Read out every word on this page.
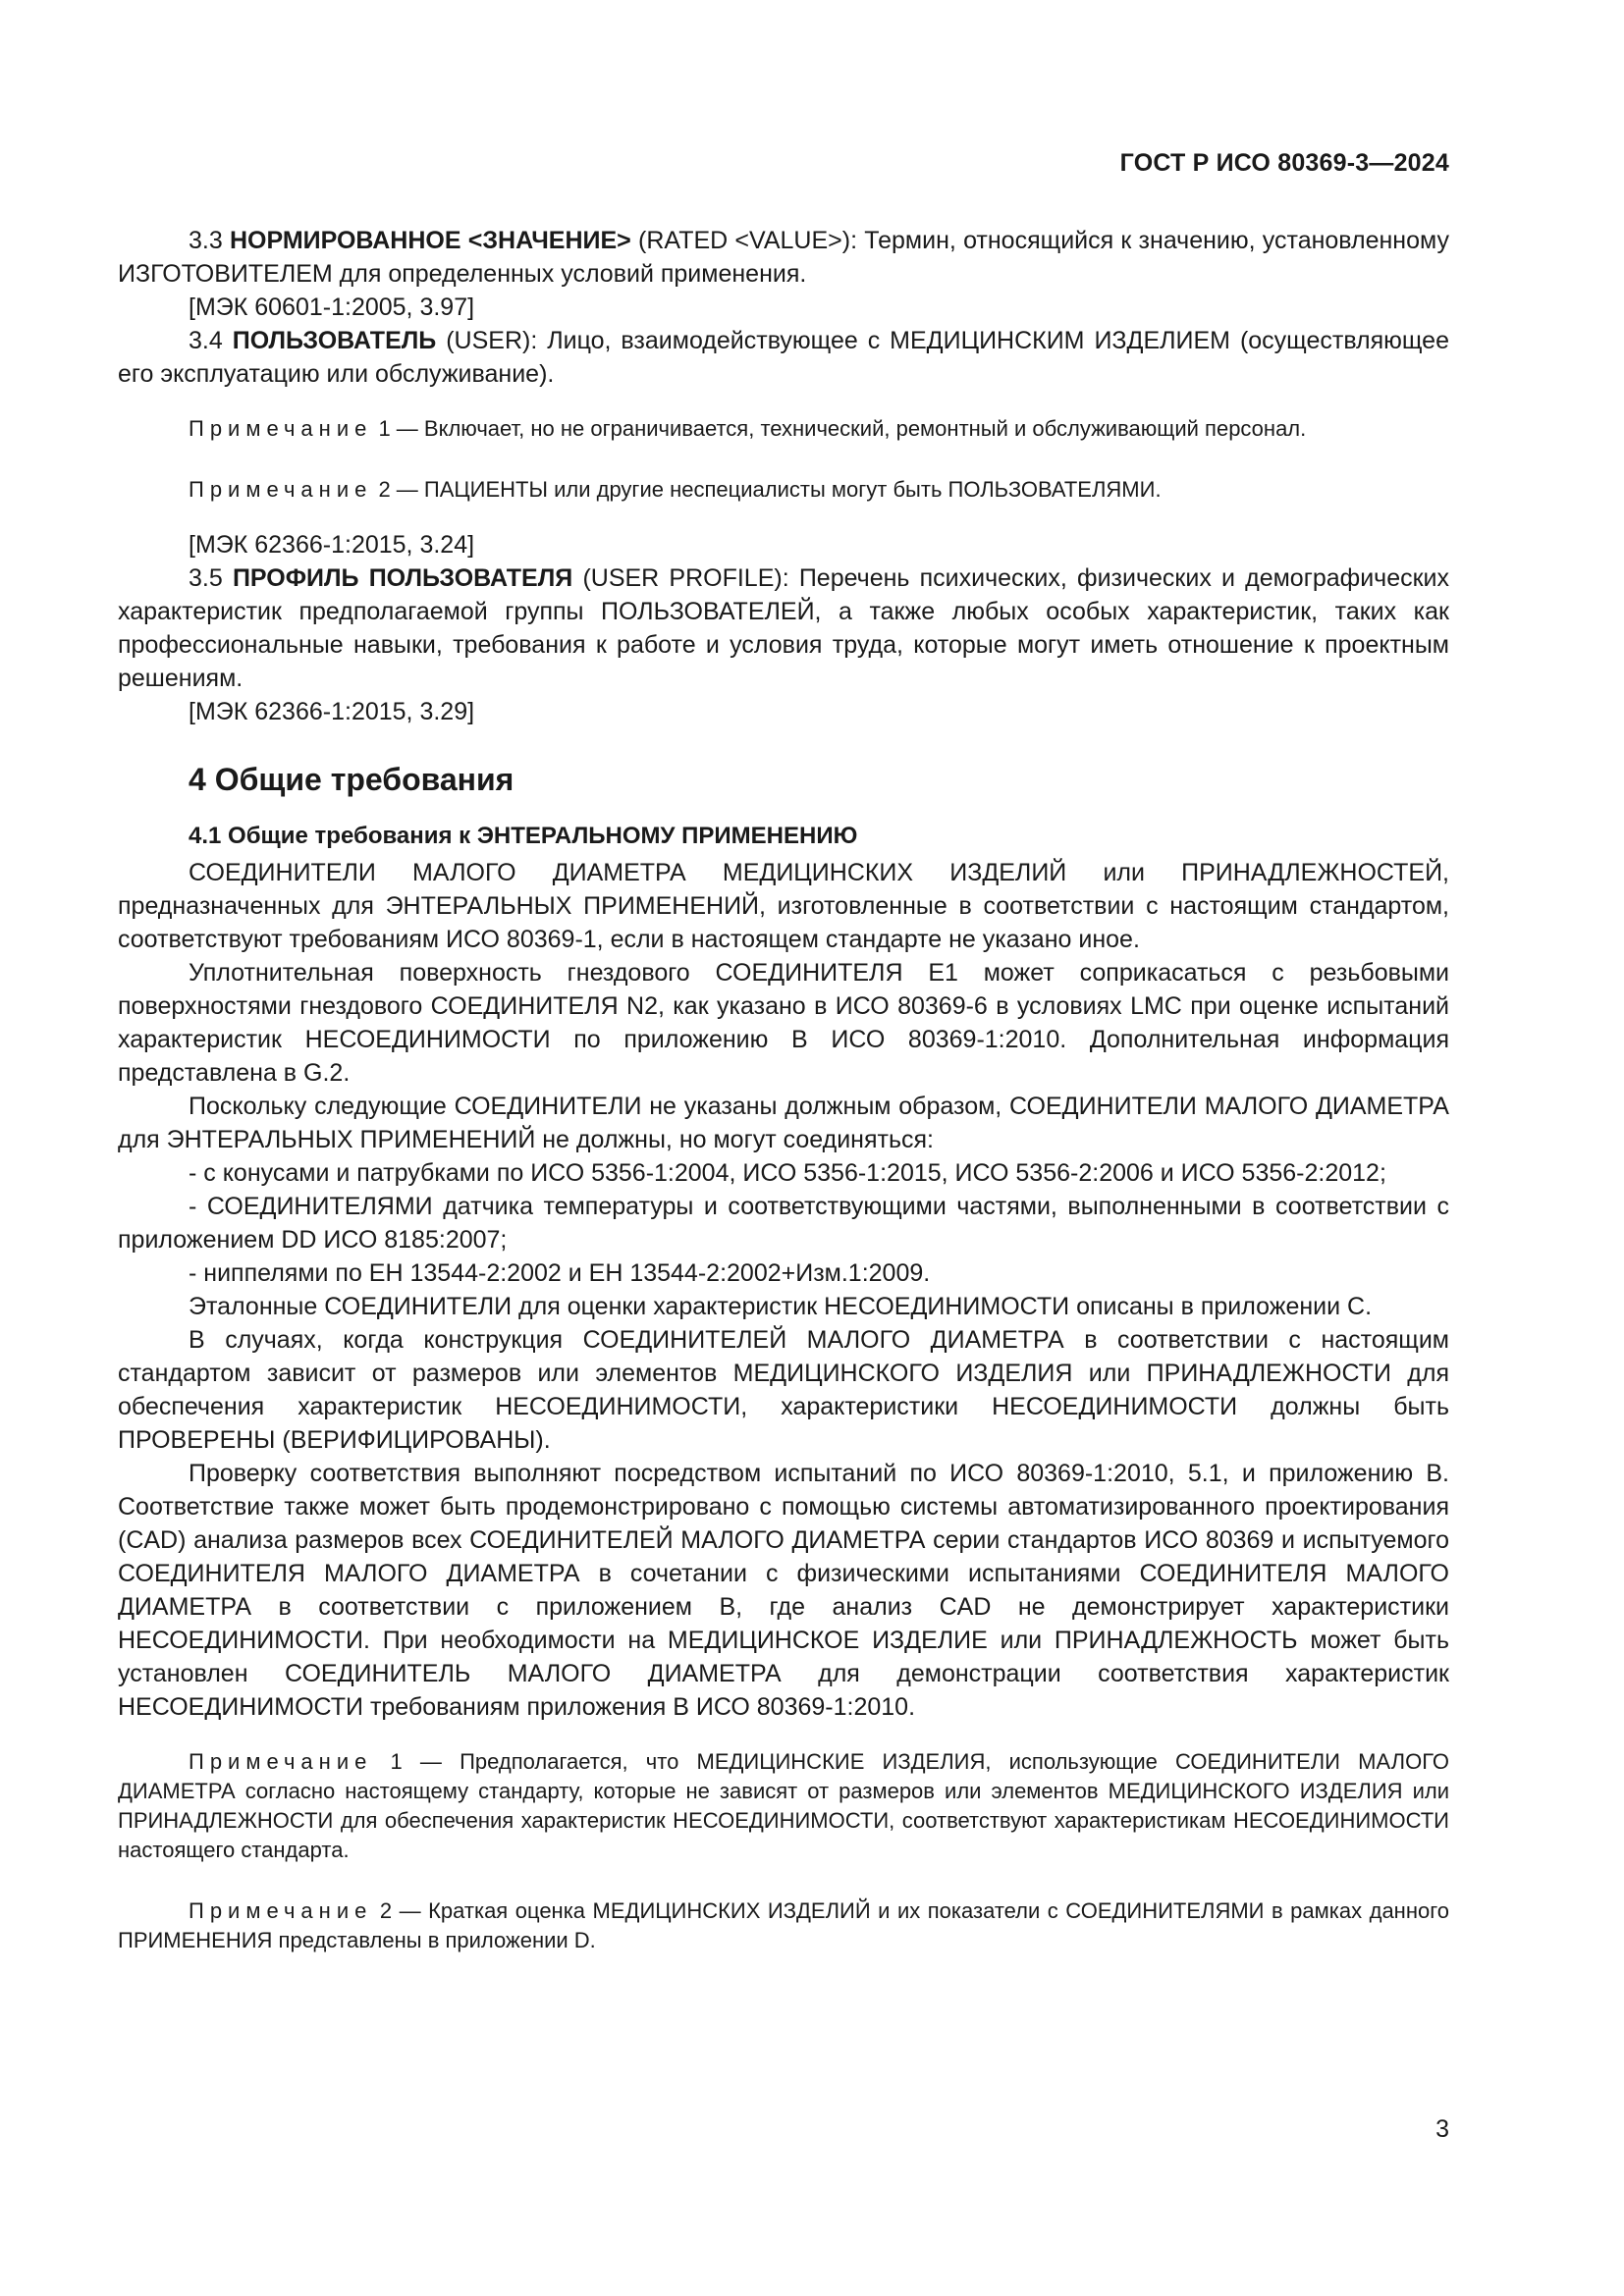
ГОСТ Р ИСО 80369-3—2024

3.3 НОРМИРОВАННОЕ <ЗНАЧЕНИЕ> (RATED <VALUE>): Термин, относящийся к значению, установленному ИЗГОТОВИТЕЛЕМ для определенных условий применения.

[МЭК 60601-1:2005, 3.97]

3.4 ПОЛЬЗОВАТЕЛЬ (USER): Лицо, взаимодействующее с МЕДИЦИНСКИМ ИЗДЕЛИЕМ (осуществляющее его эксплуатацию или обслуживание).

Примечание 1 — Включает, но не ограничивается, технический, ремонтный и обслуживающий персонал.

Примечание 2 — ПАЦИЕНТЫ или другие неспециалисты могут быть ПОЛЬЗОВАТЕЛЯМИ.

[МЭК 62366-1:2015, 3.24]

3.5 ПРОФИЛЬ ПОЛЬЗОВАТЕЛЯ (USER PROFILE): Перечень психических, физических и демографических характеристик предполагаемой группы ПОЛЬЗОВАТЕЛЕЙ, а также любых особых характеристик, таких как профессиональные навыки, требования к работе и условия труда, которые могут иметь отношение к проектным решениям.

[МЭК 62366-1:2015, 3.29]

4 Общие требования
4.1 Общие требования к ЭНТЕРАЛЬНОМУ ПРИМЕНЕНИЮ

СОЕДИНИТЕЛИ МАЛОГО ДИАМЕТРА МЕДИЦИНСКИХ ИЗДЕЛИЙ или ПРИНАДЛЕЖНОСТЕЙ, предназначенных для ЭНТЕРАЛЬНЫХ ПРИМЕНЕНИЙ, изготовленные в соответствии с настоящим стандартом, соответствуют требованиям ИСО 80369-1, если в настоящем стандарте не указано иное.

Уплотнительная поверхность гнездового СОЕДИНИТЕЛЯ E1 может соприкасаться с резьбовыми поверхностями гнездового СОЕДИНИТЕЛЯ N2, как указано в ИСО 80369-6 в условиях LMC при оценке испытаний характеристик НЕСОЕДИНИМОСТИ по приложению B ИСО 80369-1:2010. Дополнительная информация представлена в G.2.

Поскольку следующие СОЕДИНИТЕЛИ не указаны должным образом, СОЕДИНИТЕЛИ МАЛОГО ДИАМЕТРА для ЭНТЕРАЛЬНЫХ ПРИМЕНЕНИЙ не должны, но могут соединяться:

- с конусами и патрубками по ИСО 5356-1:2004, ИСО 5356-1:2015, ИСО 5356-2:2006 и ИСО 5356-2:2012;

- СОЕДИНИТЕЛЯМИ датчика температуры и соответствующими частями, выполненными в соответствии с приложением DD ИСО 8185:2007;

- ниппелями по ЕН 13544-2:2002 и ЕН 13544-2:2002+Изм.1:2009.

Эталонные СОЕДИНИТЕЛИ для оценки характеристик НЕСОЕДИНИМОСТИ описаны в приложении C.

В случаях, когда конструкция СОЕДИНИТЕЛЕЙ МАЛОГО ДИАМЕТРА в соответствии с настоящим стандартом зависит от размеров или элементов МЕДИЦИНСКОГО ИЗДЕЛИЯ или ПРИНАДЛЕЖНОСТИ для обеспечения характеристик НЕСОЕДИНИМОСТИ, характеристики НЕСОЕДИНИМОСТИ должны быть ПРОВЕРЕНЫ (ВЕРИФИЦИРОВАНЫ).

Проверку соответствия выполняют посредством испытаний по ИСО 80369-1:2010, 5.1, и приложению B. Соответствие также может быть продемонстрировано с помощью системы автоматизированного проектирования (CAD) анализа размеров всех СОЕДИНИТЕЛЕЙ МАЛОГО ДИАМЕТРА серии стандартов ИСО 80369 и испытуемого СОЕДИНИТЕЛЯ МАЛОГО ДИАМЕТРА в сочетании с физическими испытаниями СОЕДИНИТЕЛЯ МАЛОГО ДИАМЕТРА в соответствии с приложением B, где анализ CAD не демонстрирует характеристики НЕСОЕДИНИМОСТИ. При необходимости на МЕДИЦИНСКОЕ ИЗДЕЛИЕ или ПРИНАДЛЕЖНОСТЬ может быть установлен СОЕДИНИТЕЛЬ МАЛОГО ДИАМЕТРА для демонстрации соответствия характеристик НЕСОЕДИНИМОСТИ требованиям приложения B ИСО 80369-1:2010.

Примечание 1 — Предполагается, что МЕДИЦИНСКИЕ ИЗДЕЛИЯ, использующие СОЕДИНИТЕЛИ МАЛОГО ДИАМЕТРА согласно настоящему стандарту, которые не зависят от размеров или элементов МЕДИЦИНСКОГО ИЗДЕЛИЯ или ПРИНАДЛЕЖНОСТИ для обеспечения характеристик НЕСОЕДИНИМОСТИ, соответствуют характеристикам НЕСОЕДИНИМОСТИ настоящего стандарта.

Примечание 2 — Краткая оценка МЕДИЦИНСКИХ ИЗДЕЛИЙ и их показатели с СОЕДИНИТЕЛЯМИ в рамках данного ПРИМЕНЕНИЯ представлены в приложении D.

3
